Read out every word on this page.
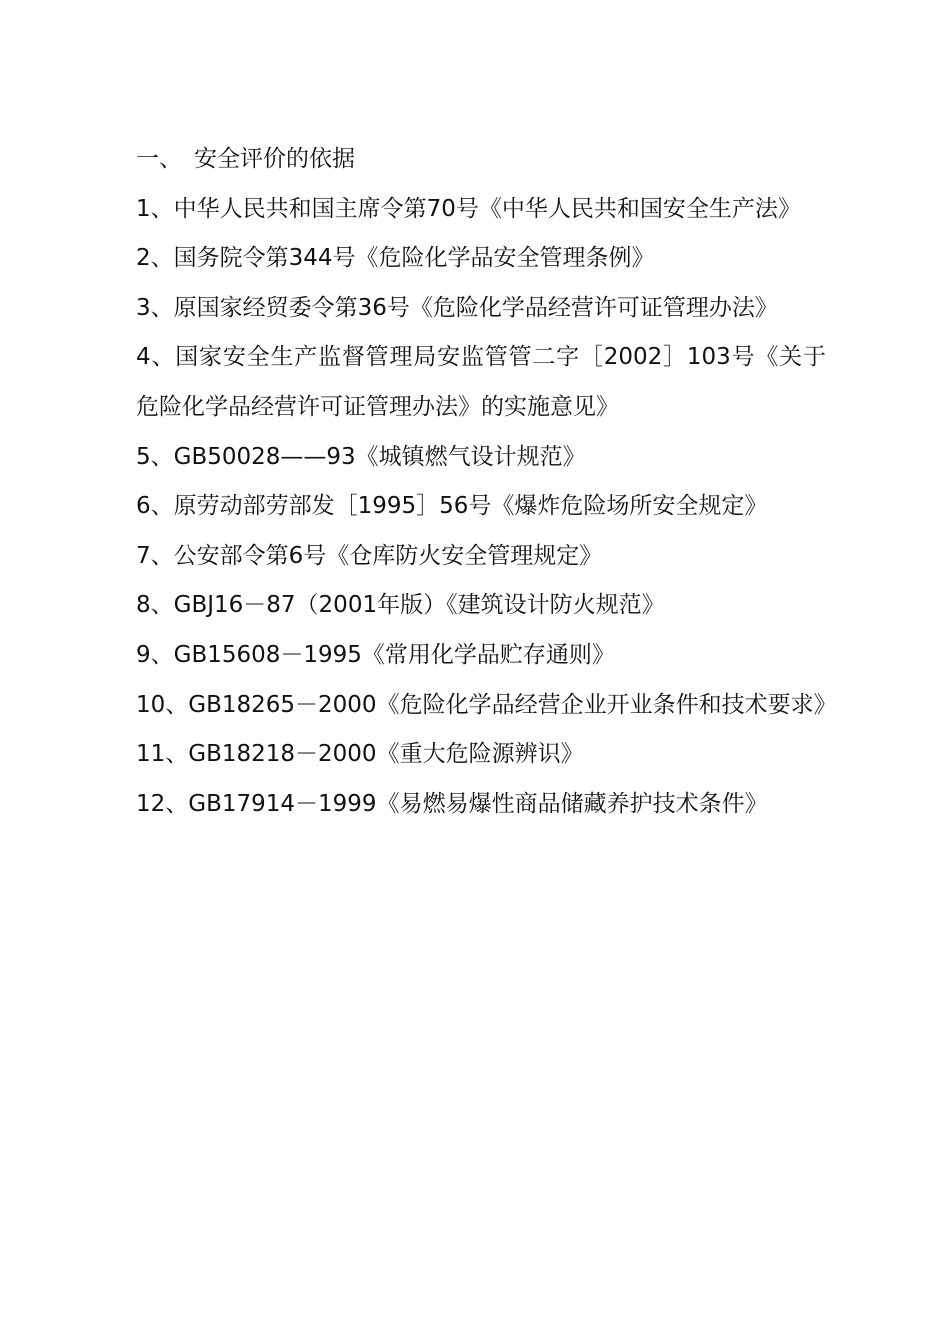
一、 安全评价的依据

1、中华人民共和国主席令第70号《中华人民共和国安全生产法》

2、国务院令第344号《危险化学品安全管理条例》

3、原国家经贸委令第36号《危险化学品经营许可证管理办法》

4、国家安全生产监督管理局安监管管二字［2002］103号《关于危险化学品经营许可证管理办法》的实施意见》

5、GB50028——93《城镇燃气设计规范》

6、原劳动部劳部发［1995］56号《爆炸危险场所安全规定》

7、公安部令第6号《仓库防火安全管理规定》

8、GBJ16－87（2001年版）《建筑设计防火规范》

9、GB15608－1995《常用化学品贮存通则》

10、GB18265－2000《危险化学品经营企业开业条件和技术要求》

11、GB18218－2000《重大危险源辨识》

12、GB17914－1999《易燃易爆性商品储藏养护技术条件》
